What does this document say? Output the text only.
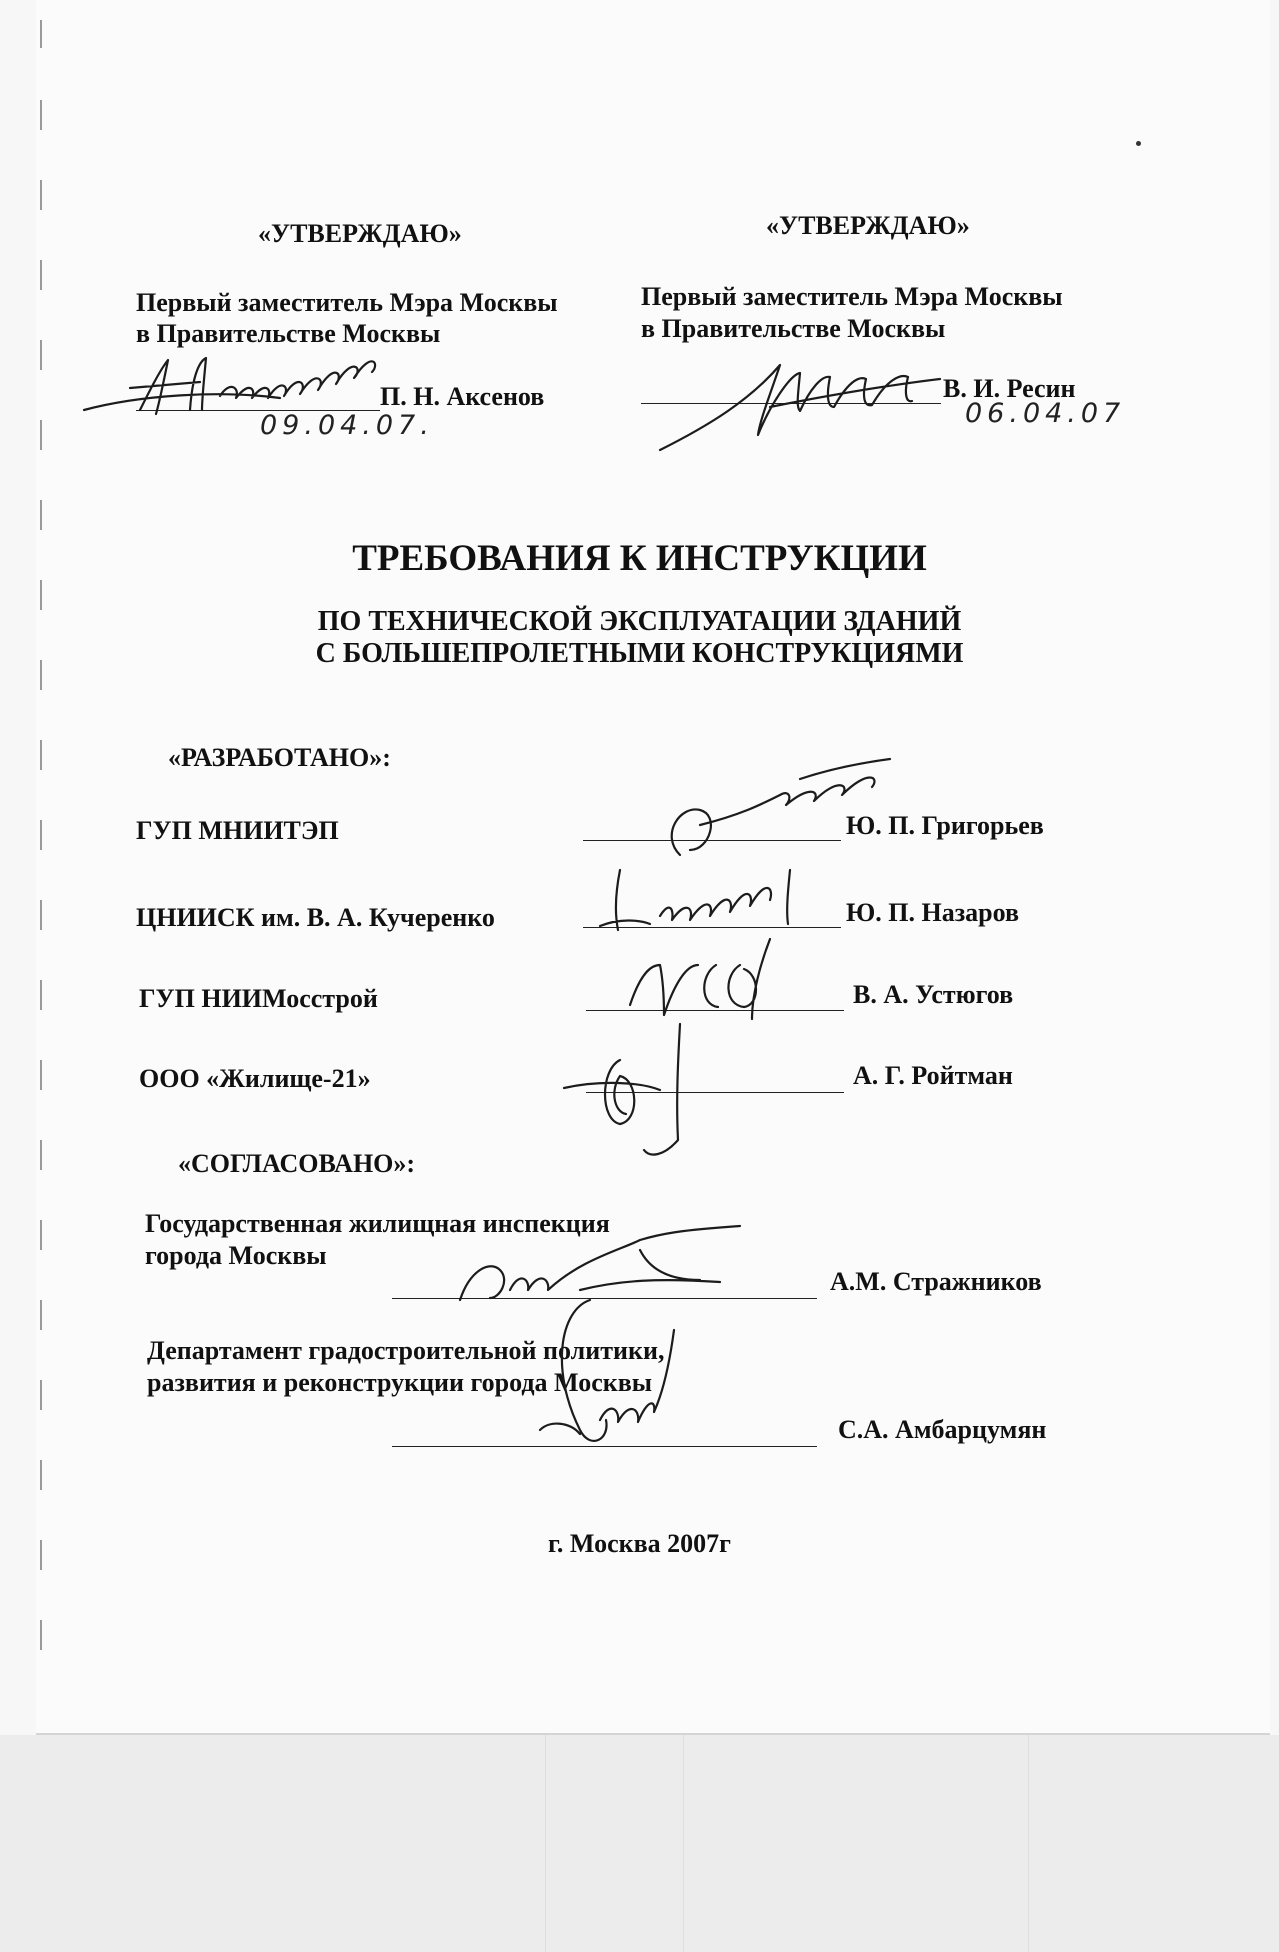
«УТВЕРЖДАЮ»
Первый заместитель Мэра Москвы
в Правительстве Москвы
П. Н. Аксенов
09.04.07.
«УТВЕРЖДАЮ»
Первый заместитель Мэра Москвы
в Правительстве Москвы
В. И. Ресин
06.04.07
ТРЕБОВАНИЯ К ИНСТРУКЦИИ
ПО ТЕХНИЧЕСКОЙ ЭКСПЛУАТАЦИИ ЗДАНИЙ
С БОЛЬШЕПРОЛЕТНЫМИ КОНСТРУКЦИЯМИ
«РАЗРАБОТАНО»:
ГУП МНИИТЭП	Ю. П. Григорьев
ЦНИИСК им. В. А. Кучеренко	Ю. П. Назаров
ГУП НИИМосстрой	В. А. Устюгов
ООО «Жилище-21»	А. Г. Ройтман
«СОГЛАСОВАНО»:
Государственная жилищная инспекция
города Москвы
А.М. Стражников
Департамент градостроительной политики,
развития и реконструкции города Москвы
С.А. Амбарцумян
г. Москва 2007г
